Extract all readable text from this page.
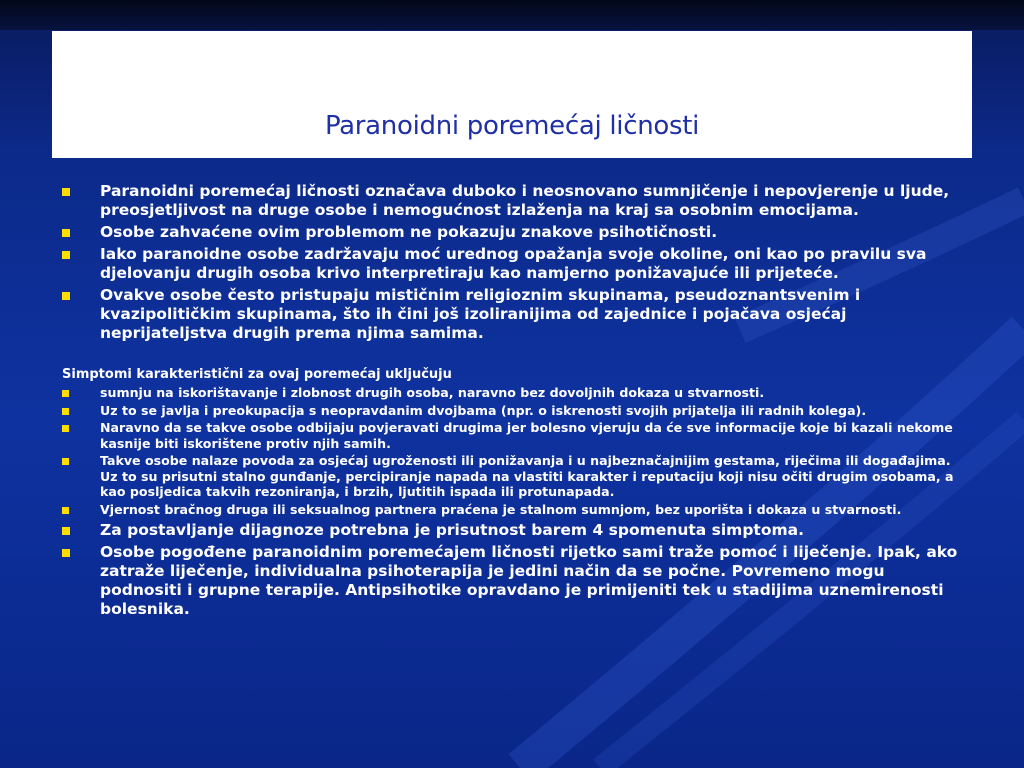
Paranoidni poremećaj ličnosti
Paranoidni poremećaj ličnosti označava duboko i neosnovano sumnjičenje i nepovjerenje u ljude, preosjetljivost na druge osobe i nemogućnost izlaženja na kraj sa osobnim emocijama.
Osobe zahvaćene ovim problemom ne pokazuju znakove psihotičnosti.
Iako paranoidne osobe zadržavaju moć urednog opažanja svoje okoline, oni kao po pravilu sva djelovanju drugih osoba krivo interpretiraju kao namjerno ponižavajuće ili prijeteće.
Ovakve osobe često pristupaju mističnim religioznim skupinama, pseudoznantsvenim i kvazipolitičkim skupinama, što ih čini još izoliranijima od zajednice i pojačava osjećaj neprijateljstva drugih prema njima samima.
Simptomi karakteristični za ovaj poremećaj uključuju
sumnju na iskorištavanje i zlobnost drugih osoba, naravno bez dovoljnih dokaza u stvarnosti.
Uz to se javlja i preokupacija s neopravdanim dvojbama (npr. o iskrenosti svojih prijatelja ili radnih kolega).
Naravno da se takve osobe odbijaju povjeravati drugima jer bolesno vjeruju da će sve informacije koje bi kazali nekome kasnije biti iskorištene protiv njih samih.
Takve osobe nalaze povoda za osjećaj ugroženosti ili ponižavanja i u najbeznačajnijim gestama, riječima ili događajima. Uz to su prisutni stalno gunđanje, percipiranje napada na vlastiti karakter i reputaciju koji nisu očiti drugim osobama, a kao posljedica takvih rezoniranja, i brzih, ljutitih ispada ili protunapada.
Vjernost bračnog druga ili seksualnog partnera praćena je stalnom sumnjom, bez uporišta i dokaza u stvarnosti.
Za postavljanje dijagnoze potrebna je prisutnost barem 4 spomenuta simptoma.
Osobe pogođene paranoidnim poremećajem ličnosti rijetko sami traže pomoć i liječenje. Ipak, ako zatraže liječenje, individualna psihoterapija je jedini način da se počne. Povremeno mogu podnositi i grupne terapije. Antipsihotike opravdano je primijeniti tek u stadijima uznemirenosti bolesnika.
